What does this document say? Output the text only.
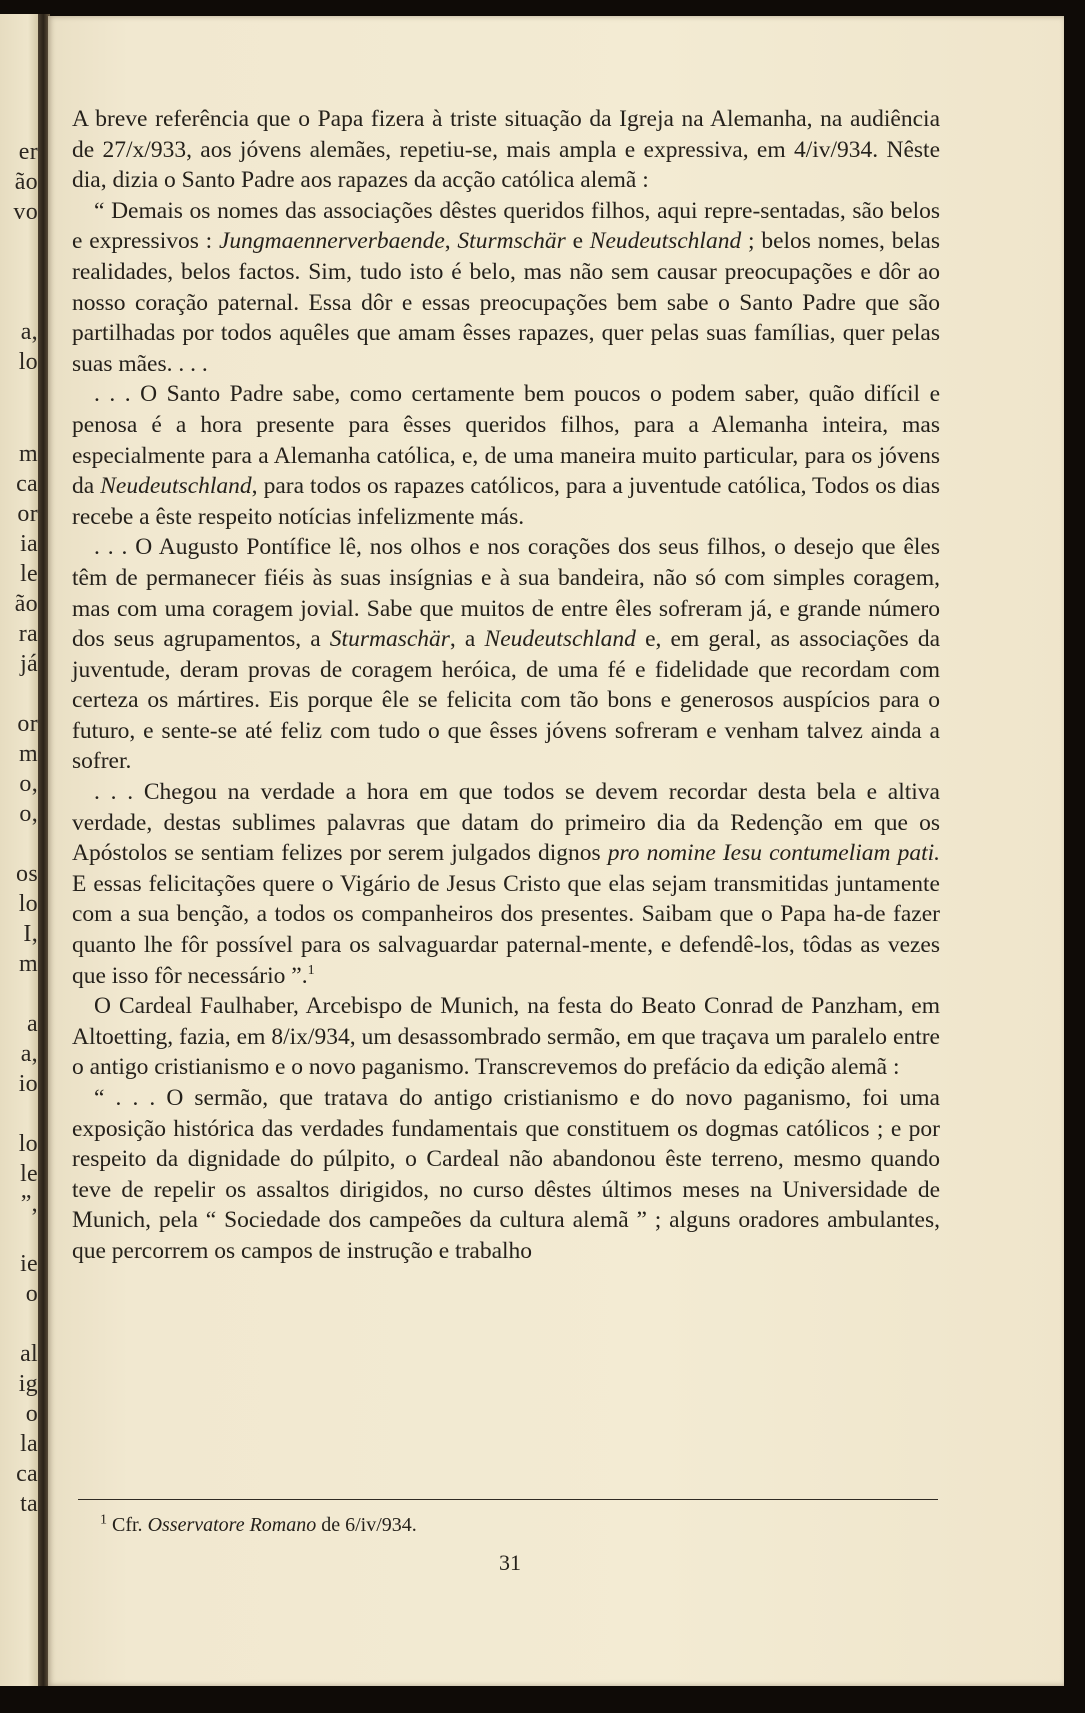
er
ão
vo
a,
lo
m
ca
or
ia
le
ão
ra
já
or
m
o,
o,
os
lo
I,
m
a
a,
io
lo
le
”,
ie
o
al
ig
o
la
ca
ta

A breve referência que o Papa fizera à triste situação da Igreja na Alemanha, na audiência de 27/x/933, aos jóvens alemães, repetiu-se, mais ampla e expressiva, em 4/iv/934. Nêste dia, dizia o Santo Padre aos rapazes da acção católica alemã :

“ Demais os nomes das associações dêstes queridos filhos, aqui repre-sentadas, são belos e expressivos : Jungmaennerverbaende, Sturmschär e Neudeutschland ; belos nomes, belas realidades, belos factos. Sim, tudo isto é belo, mas não sem causar preocupações e dôr ao nosso coração paternal. Essa dôr e essas preocupações bem sabe o Santo Padre que são partilhadas por todos aquêles que amam êsses rapazes, quer pelas suas famílias, quer pelas suas mães. . . .

. . . O Santo Padre sabe, como certamente bem poucos o podem saber, quão difícil e penosa é a hora presente para êsses queridos filhos, para a Alemanha inteira, mas especialmente para a Alemanha católica, e, de uma maneira muito particular, para os jóvens da Neudeutschland, para todos os rapazes católicos, para a juventude católica, Todos os dias recebe a êste respeito notícias infelizmente más.

. . . O Augusto Pontífice lê, nos olhos e nos corações dos seus filhos, o desejo que êles têm de permanecer fiéis às suas insígnias e à sua bandeira, não só com simples coragem, mas com uma coragem jovial. Sabe que muitos de entre êles sofreram já, e grande número dos seus agrupamentos, a Sturmaschär, a Neudeutschland e, em geral, as associações da juventude, deram provas de coragem heróica, de uma fé e fidelidade que recordam com certeza os mártires. Eis porque êle se felicita com tão bons e generosos auspícios para o futuro, e sente-se até feliz com tudo o que êsses jóvens sofreram e venham talvez ainda a sofrer.

. . . Chegou na verdade a hora em que todos se devem recordar desta bela e altiva verdade, destas sublimes palavras que datam do primeiro dia da Redenção em que os Apóstolos se sentiam felizes por serem julgados dignos pro nomine Iesu contumeliam pati. E essas felicitações quere o Vigário de Jesus Cristo que elas sejam transmitidas juntamente com a sua benção, a todos os companheiros dos presentes. Saibam que o Papa ha-de fazer quanto lhe fôr possível para os salvaguardar paternal-mente, e defendê-los, tôdas as vezes que isso fôr necessário ”.$^1$

O Cardeal Faulhaber, Arcebispo de Munich, na festa do Beato Conrad de Panzham, em Altoetting, fazia, em 8/ix/934, um desassombrado sermão, em que traçava um paralelo entre o antigo cristianismo e o novo paganismo. Transcrevemos do prefácio da edição alemã :

“ . . . O sermão, que tratava do antigo cristianismo e do novo paganismo, foi uma exposição histórica das verdades fundamentais que constituem os dogmas católicos ; e por respeito da dignidade do púlpito, o Cardeal não abandonou êste terreno, mesmo quando teve de repelir os assaltos dirigidos, no curso dêstes últimos meses na Universidade de Munich, pela “ Sociedade dos campeões da cultura alemã ” ; alguns oradores ambulantes, que percorrem os campos de instrução e trabalho

$^1$ Cfr. Osservatore Romano de 6/iv/934.
31
